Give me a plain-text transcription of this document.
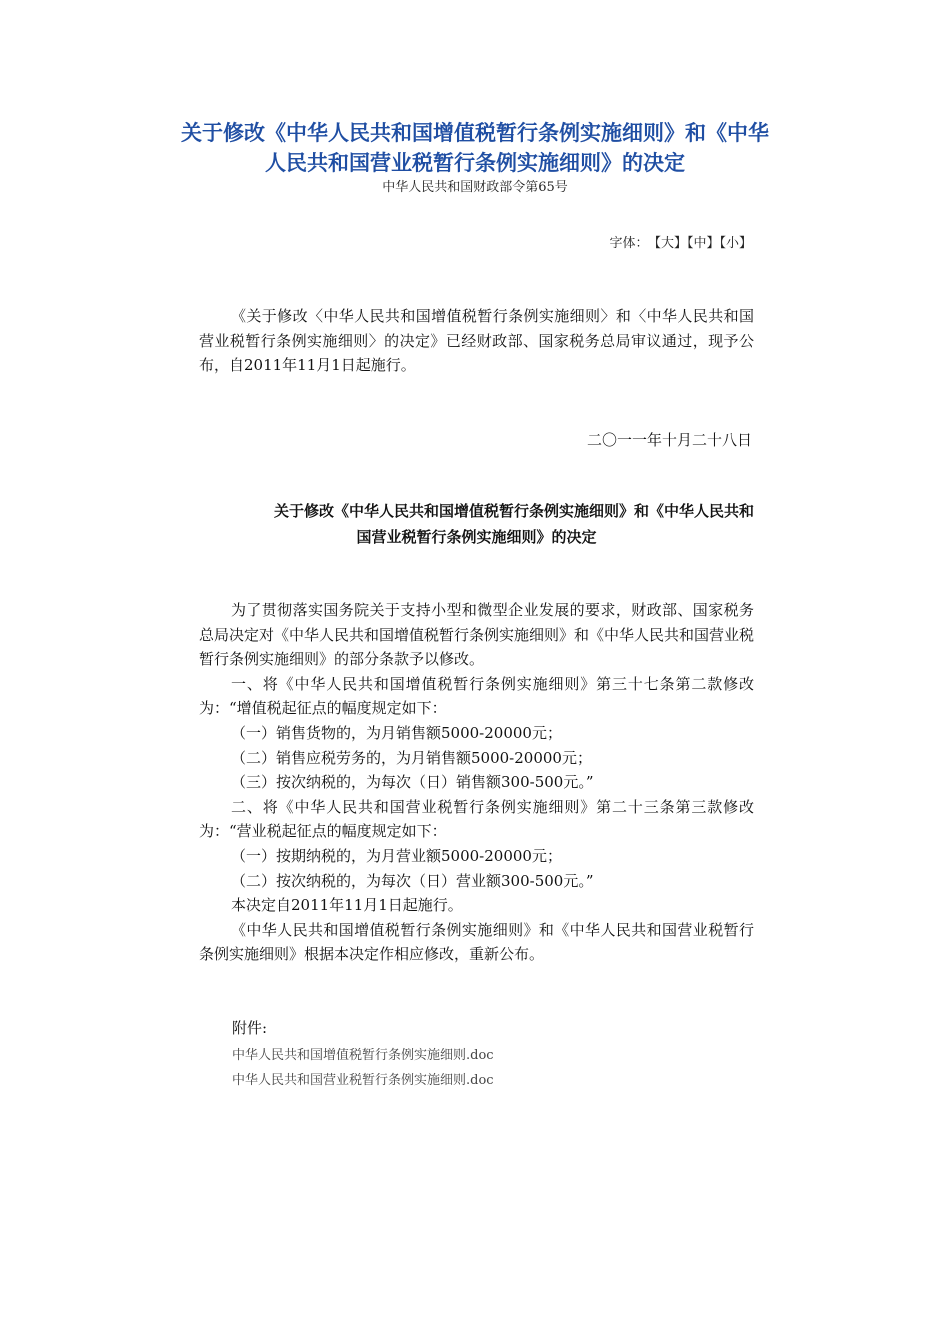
关于修改《中华人民共和国增值税暂行条例实施细则》和《中华
人民共和国营业税暂行条例实施细则》的决定
中华人民共和国财政部令第65号
字体： 【大】【中】【小】
《关于修改〈中华人民共和国增值税暂行条例实施细则〉和〈中华人民共和国营业税暂行条例实施细则〉的决定》已经财政部、国家税务总局审议通过，现予公布，自2011年11月1日起施行。
二〇一一年十月二十八日
关于修改《中华人民共和国增值税暂行条例实施细则》和《中华人民共和
国营业税暂行条例实施细则》的决定

为了贯彻落实国务院关于支持小型和微型企业发展的要求，财政部、国家税务总局决定对《中华人民共和国增值税暂行条例实施细则》和《中华人民共和国营业税暂行条例实施细则》的部分条款予以修改。

一、将《中华人民共和国增值税暂行条例实施细则》第三十七条第二款修改为：“增值税起征点的幅度规定如下：

（一）销售货物的，为月销售额5000-20000元；

（二）销售应税劳务的，为月销售额5000-20000元；

（三）按次纳税的，为每次（日）销售额300-500元。”

二、将《中华人民共和国营业税暂行条例实施细则》第二十三条第三款修改为：“营业税起征点的幅度规定如下：

（一）按期纳税的，为月营业额5000-20000元；

（二）按次纳税的，为每次（日）营业额300-500元。”

本决定自2011年11月1日起施行。

《中华人民共和国增值税暂行条例实施细则》和《中华人民共和国营业税暂行条例实施细则》根据本决定作相应修改，重新公布。

附件:
中华人民共和国增值税暂行条例实施细则.doc
中华人民共和国营业税暂行条例实施细则.doc
